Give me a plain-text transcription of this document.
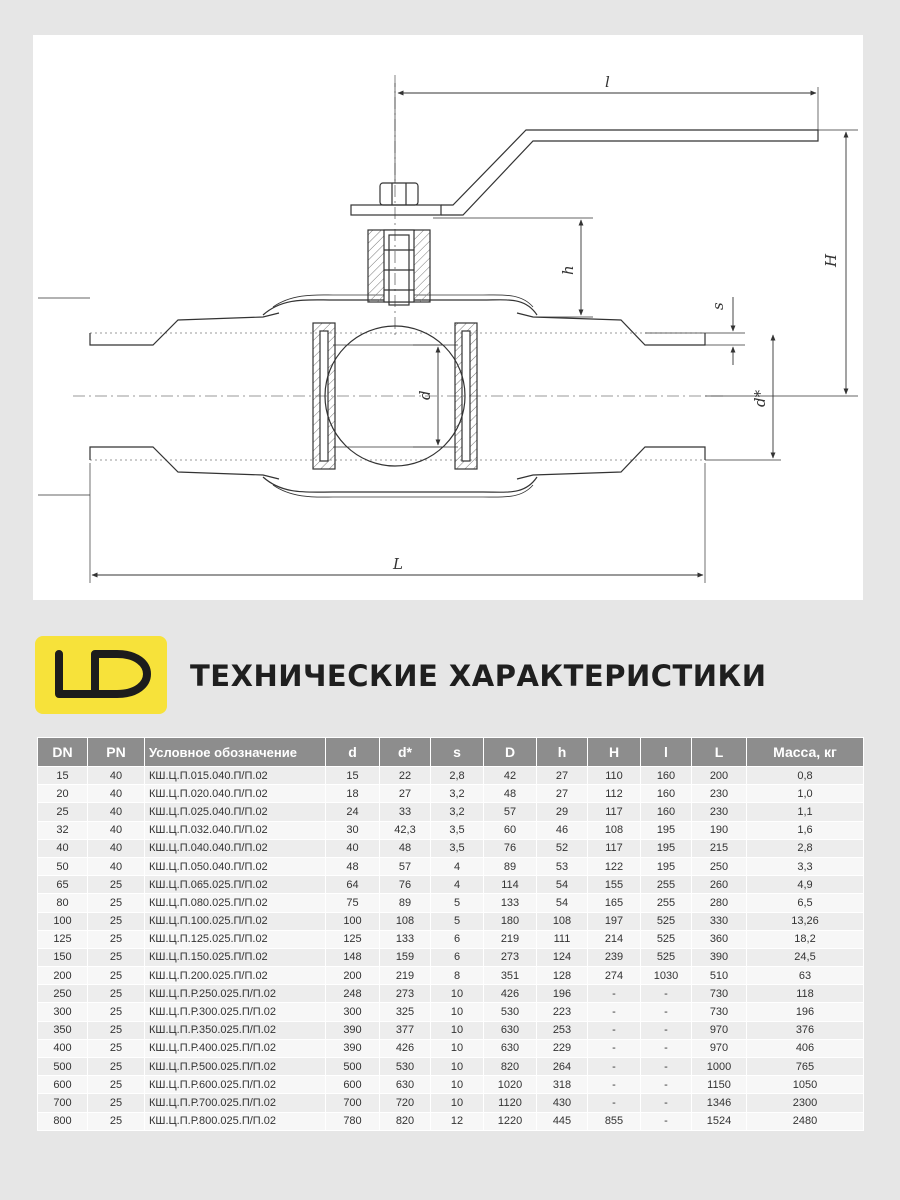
l
H
h
s
d*
d
L
ТЕХНИЧЕСКИЕ ХАРАКТЕРИСТИКИ
DN	PN	Условное обозначение	d	d*	s	D	h	H	l	L	Масса, кг
15	40	КШ.Ц.П.015.040.П/П.02	15	22	2,8	42	27	110	160	200	0,8
20	40	КШ.Ц.П.020.040.П/П.02	18	27	3,2	48	27	112	160	230	1,0
25	40	КШ.Ц.П.025.040.П/П.02	24	33	3,2	57	29	117	160	230	1,1
32	40	КШ.Ц.П.032.040.П/П.02	30	42,3	3,5	60	46	108	195	190	1,6
40	40	КШ.Ц.П.040.040.П/П.02	40	48	3,5	76	52	117	195	215	2,8
50	40	КШ.Ц.П.050.040.П/П.02	48	57	4	89	53	122	195	250	3,3
65	25	КШ.Ц.П.065.025.П/П.02	64	76	4	114	54	155	255	260	4,9
80	25	КШ.Ц.П.080.025.П/П.02	75	89	5	133	54	165	255	280	6,5
100	25	КШ.Ц.П.100.025.П/П.02	100	108	5	180	108	197	525	330	13,26
125	25	КШ.Ц.П.125.025.П/П.02	125	133	6	219	111	214	525	360	18,2
150	25	КШ.Ц.П.150.025.П/П.02	148	159	6	273	124	239	525	390	24,5
200	25	КШ.Ц.П.200.025.П/П.02	200	219	8	351	128	274	1030	510	63
250	25	КШ.Ц.П.Р.250.025.П/П.02	248	273	10	426	196	-	-	730	118
300	25	КШ.Ц.П.Р.300.025.П/П.02	300	325	10	530	223	-	-	730	196
350	25	КШ.Ц.П.Р.350.025.П/П.02	390	377	10	630	253	-	-	970	376
400	25	КШ.Ц.П.Р.400.025.П/П.02	390	426	10	630	229	-	-	970	406
500	25	КШ.Ц.П.Р.500.025.П/П.02	500	530	10	820	264	-	-	1000	765
600	25	КШ.Ц.П.Р.600.025.П/П.02	600	630	10	1020	318	-	-	1150	1050
700	25	КШ.Ц.П.Р.700.025.П/П.02	700	720	10	1120	430	-	-	1346	2300
800	25	КШ.Ц.П.Р.800.025.П/П.02	780	820	12	1220	445	855	-	1524	2480
